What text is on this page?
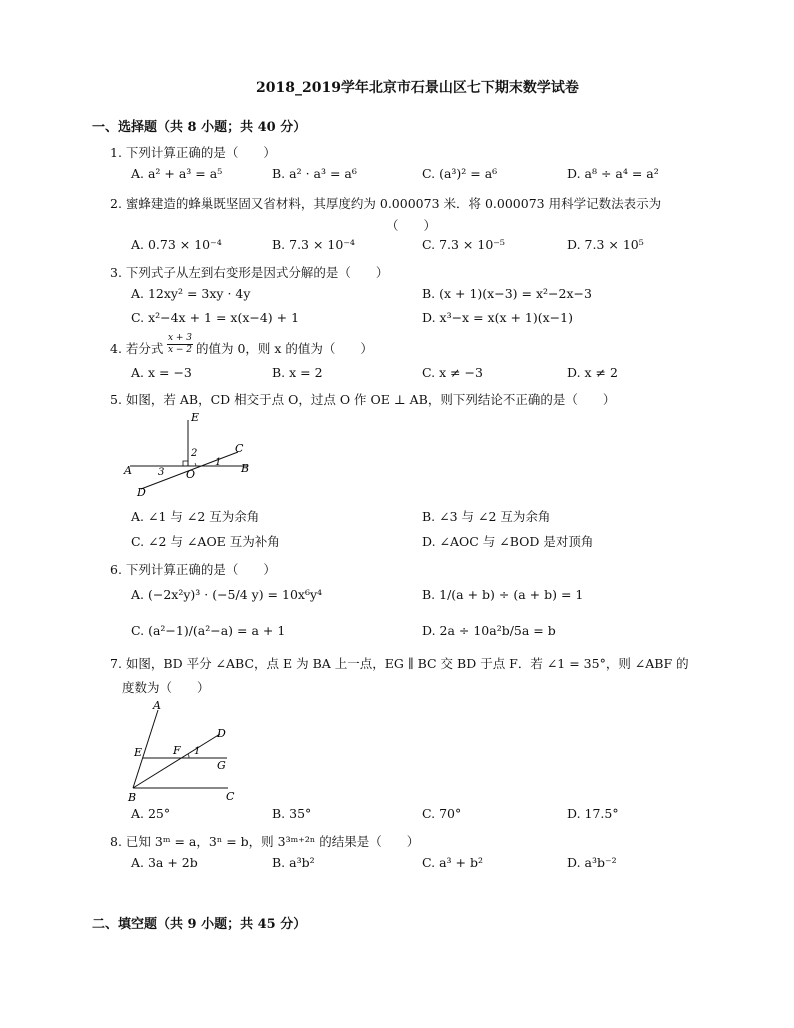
2018_2019学年北京市石景山区七下期末数学试卷
一、选择题（共 8 小题；共 40 分）
1. 下列计算正确的是（　　）
A. a² + a³ = a⁵	B. a² · a³ = a⁶	C. (a³)² = a⁶	D. a⁸ ÷ a⁴ = a²
2. 蜜蜂建造的蜂巢既坚固又省材料，其厚度约为 0.000073 米．将 0.000073 用科学记数法表示为
（　　）
A. 0.73 × 10⁻⁴	B. 7.3 × 10⁻⁴	C. 7.3 × 10⁻⁵	D. 7.3 × 10⁵
3. 下列式子从左到右变形是因式分解的是（　　）
A. 12xy² = 3xy · 4y	B. (x + 1)(x−3) = x²−2x−3
C. x²−4x + 1 = x(x−4) + 1	D. x³−x = x(x + 1)(x−1)
4. 若分式 $\frac{x + 3}{x - 2}$ 的值为 0，则 x 的值为（　　）
A. x = −3	B. x = 2	C. x ≠ −3	D. x ≠ 2
5. 如图，若 AB，CD 相交于点 O，过点 O 作 OE ⊥ AB，则下列结论不正确的是（　　）
E
C
A	B
O
D
1
2
3
A. ∠1 与 ∠2 互为余角	B. ∠3 与 ∠2 互为余角
C. ∠2 与 ∠AOE 互为补角	D. ∠AOC 与 ∠BOD 是对顶角
6. 下列计算正确的是（　　）
A. (−2x²y)³ · (−5/4 y) = 10x⁶y⁴	B. 1/(a + b) ÷ (a + b) = 1
C. (a²−1)/(a²−a) = a + 1	D. 2a ÷ 10a²b/5a = b
7. 如图，BD 平分 ∠ABC，点 E 为 BA 上一点，EG ∥ BC 交 BD 于点 F．若 ∠1 = 35°，则 ∠ABF 的
度数为（　　）
A
D
E	F 1
G
B	C
A. 25°	B. 35°	C. 70°	D. 17.5°
8. 已知 3ᵐ = a，3ⁿ = b，则 3³ᵐ⁺²ⁿ 的结果是（　　）
A. 3a + 2b	B. a³b²	C. a³ + b²	D. a³b⁻²
二、填空题（共 9 小题；共 45 分）
